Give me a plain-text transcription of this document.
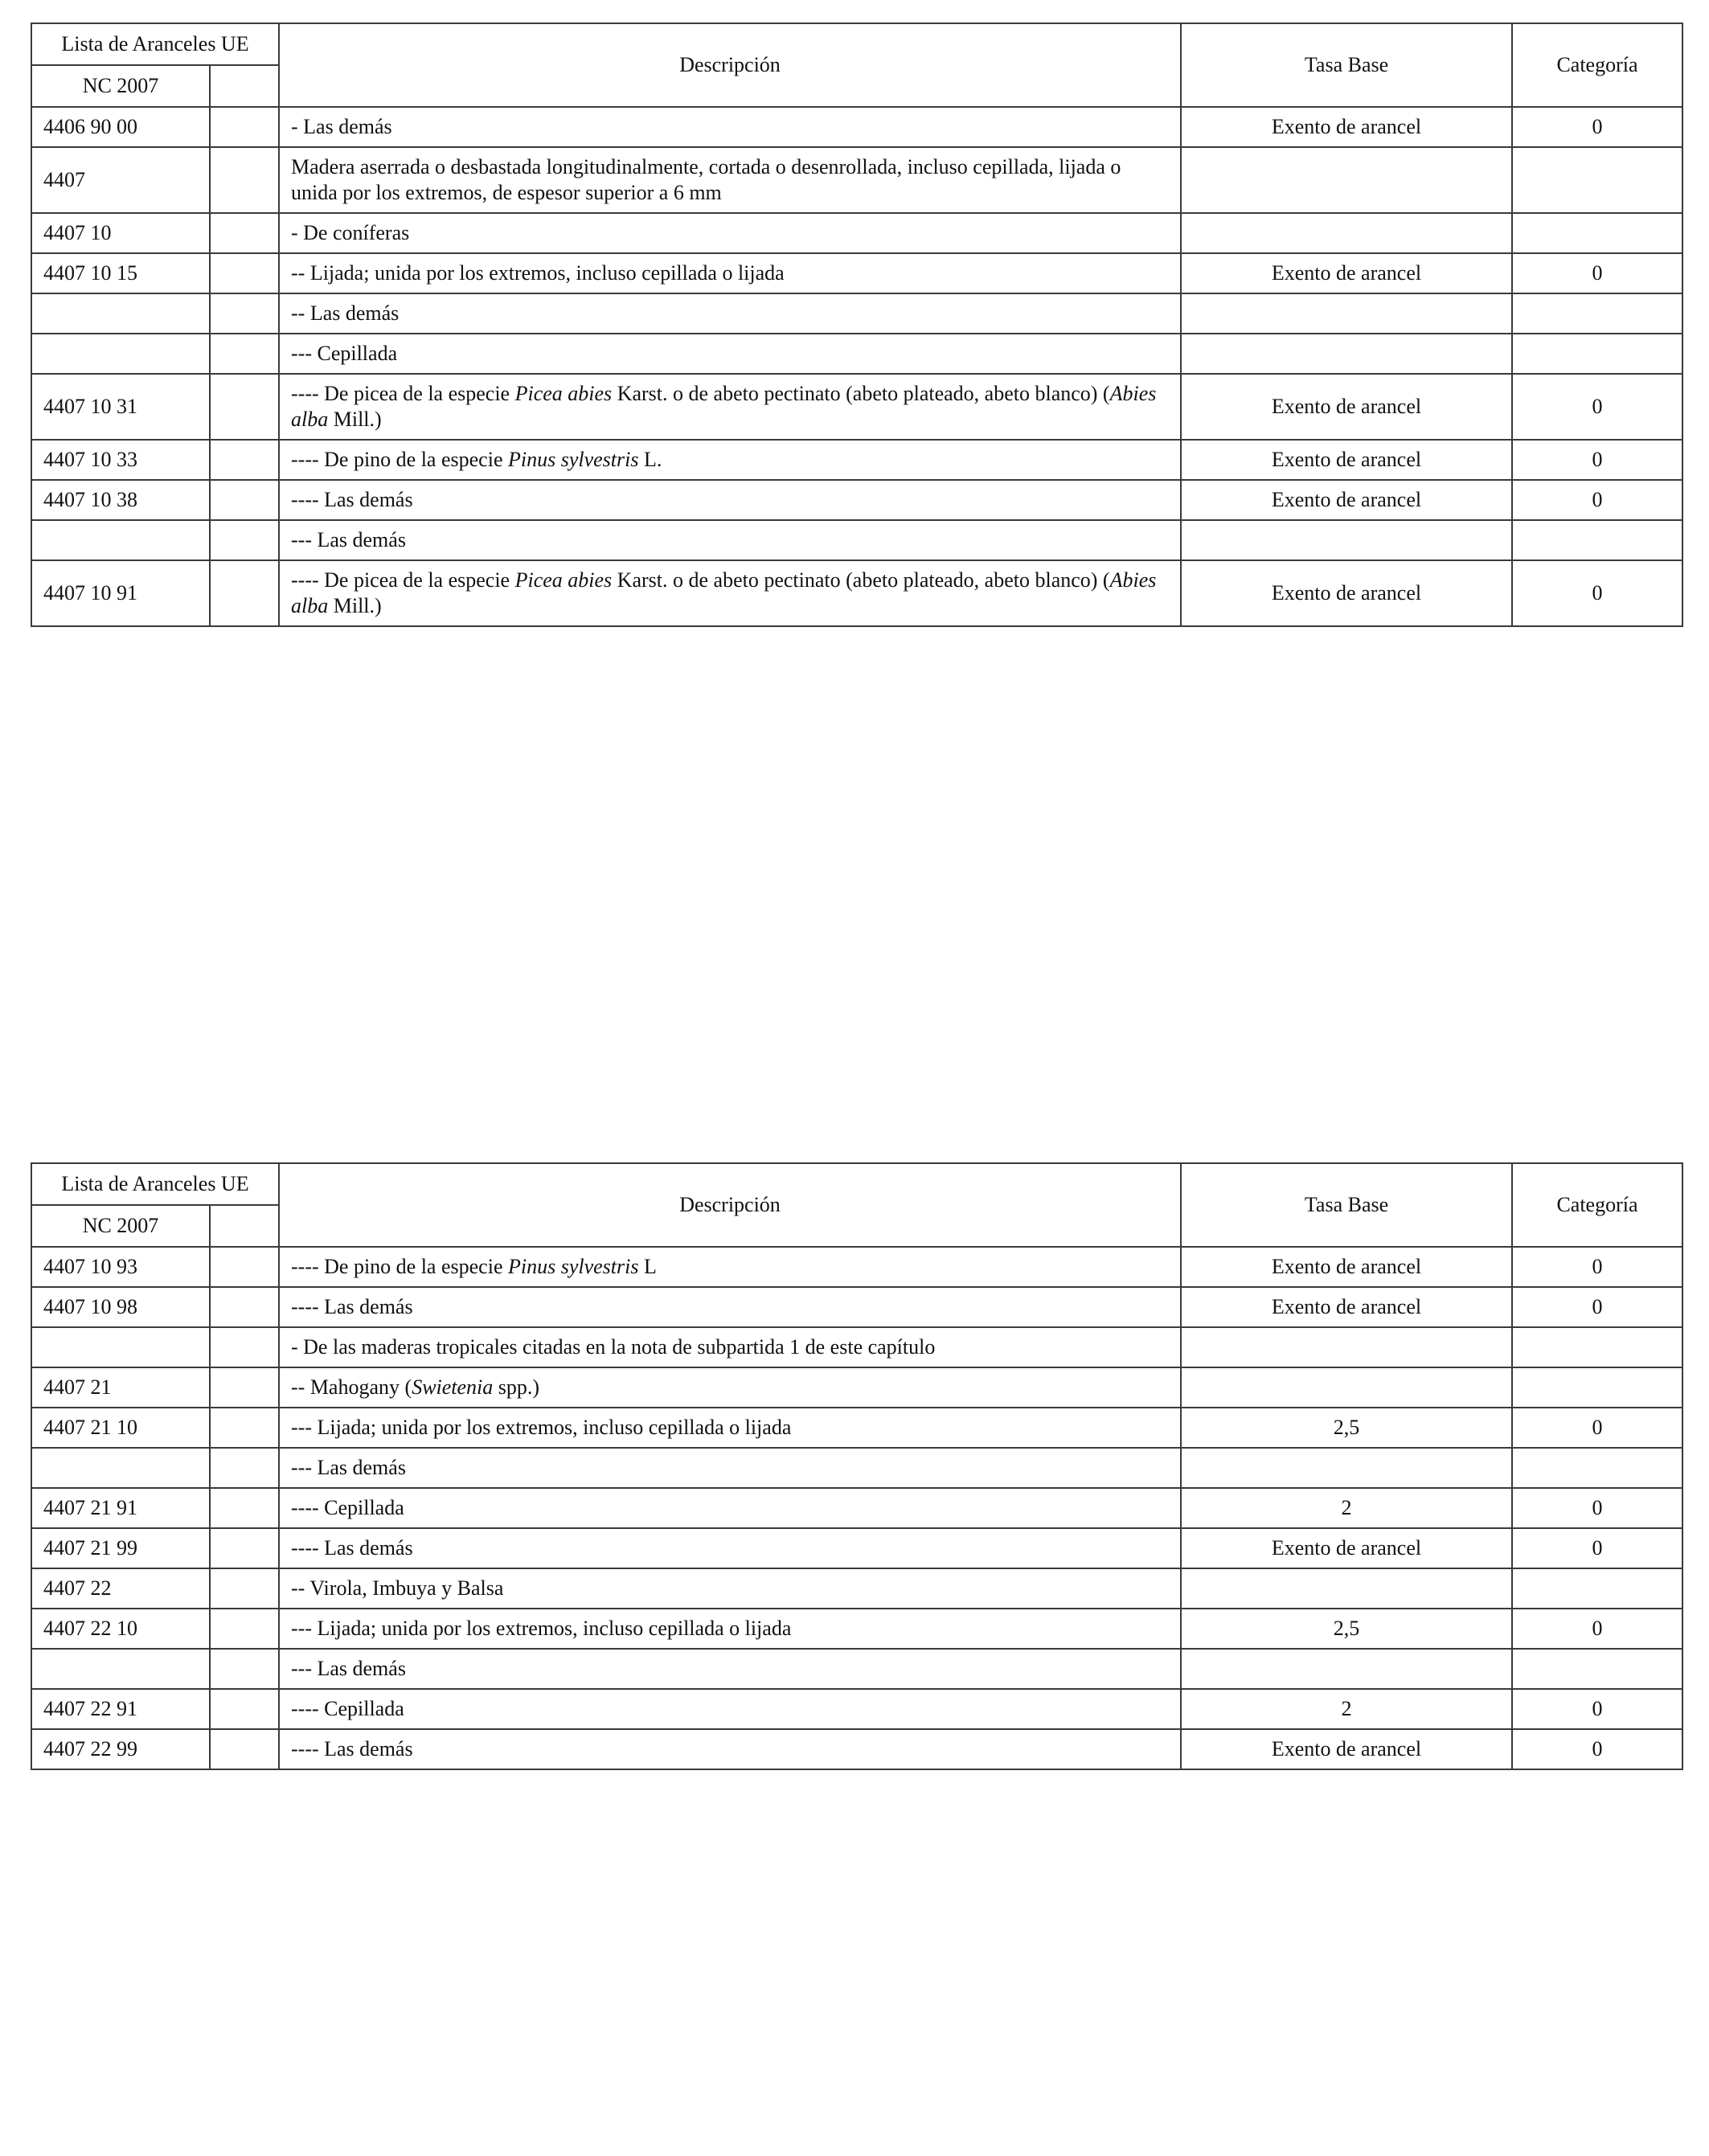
Lista de Aranceles UE		Descripción	Tasa Base	Categoría
NC 2007				
4406 90 00		- Las demás	Exento de arancel	0
4407		Madera aserrada o desbastada longitudinalmente, cortada o desenrollada, incluso cepillada, lijada o unida por los extremos, de espesor superior a 6 mm		
4407 10		- De coníferas		
4407 10 15		-- Lijada; unida por los extremos, incluso cepillada o lijada	Exento de arancel	0
		-- Las demás		
		--- Cepillada		
4407 10 31		---- De picea de la especie Picea abies Karst. o de abeto pectinato (abeto plateado, abeto blanco) (Abies alba Mill.)	Exento de arancel	0
4407 10 33		---- De pino de la especie Pinus sylvestris L.	Exento de arancel	0
4407 10 38		---- Las demás	Exento de arancel	0
		--- Las demás		
4407 10 91		---- De picea de la especie Picea abies Karst. o de abeto pectinato (abeto plateado, abeto blanco) (Abies alba Mill.)	Exento de arancel	0
Lista de Aranceles UE		Descripción	Tasa Base	Categoría
NC 2007				
4407 10 93		---- De pino de la especie Pinus sylvestris L	Exento de arancel	0
4407 10 98		---- Las demás	Exento de arancel	0
		- De las maderas tropicales citadas en la nota de subpartida 1 de este capítulo		
4407 21		-- Mahogany (Swietenia spp.)		
4407 21 10		--- Lijada; unida por los extremos, incluso cepillada o lijada	2,5	0
		--- Las demás		
4407 21 91		---- Cepillada	2	0
4407 21 99		---- Las demás	Exento de arancel	0
4407 22		-- Virola, Imbuya y Balsa		
4407 22 10		--- Lijada; unida por los extremos, incluso cepillada o lijada	2,5	0
		--- Las demás		
4407 22 91		---- Cepillada	2	0
4407 22 99		---- Las demás	Exento de arancel	0
